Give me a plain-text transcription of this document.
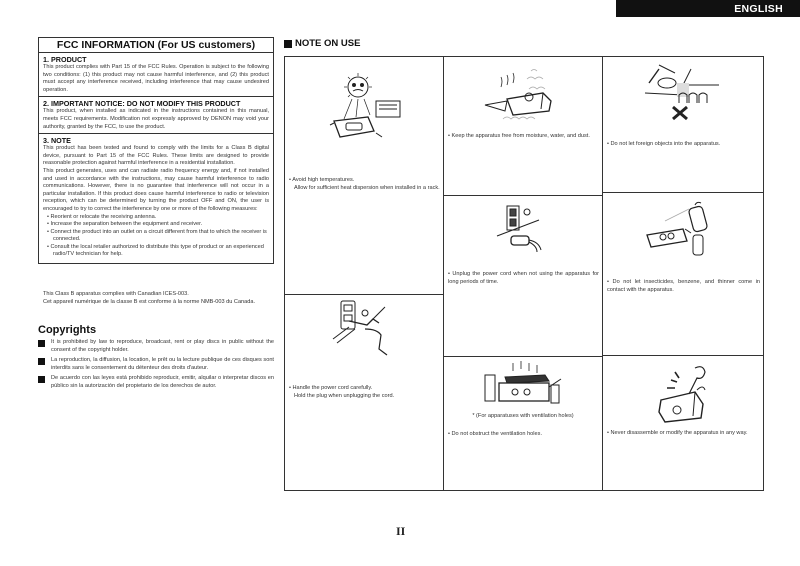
ENGLISH
FCC INFORMATION (For US customers)
1. PRODUCT

This product complies with Part 15 of the FCC Rules. Operation is subject to the following two conditions: (1) this product may not cause harmful interference, and (2) this product must accept any interference received, including interference that may cause undesired operation.

2. IMPORTANT NOTICE: DO NOT MODIFY THIS PRODUCT

This product, when installed as indicated in the instructions contained in this manual, meets FCC requirements. Modification not expressly approved by DENON may void your authority, granted by the FCC, to use the product.

3. NOTE

This product has been tested and found to comply with the limits for a Class B digital device, pursuant to Part 15 of the FCC Rules. These limits are designed to provide reasonable protection against harmful interference in a residential installation.

This product generates, uses and can radiate radio frequency energy and, if not installed and used in accordance with the instructions, may cause harmful interference to radio communications. However, there is no guarantee that interference will not occur in a particular installation. If this product does cause harmful interference to radio or television reception, which can be determined by turning the product OFF and ON, the user is encouraged to try to correct the interference by one or more of the following measures:

• Reorient or relocate the receiving antenna.
• Increase the separation between the equipment and receiver.
• Connect the product into an outlet on a circuit different from that to which the receiver is connected.
• Consult the local retailer authorized to distribute this type of product or an experienced radio/TV technician for help.
This Class B apparatus complies with Canadian ICES-003.
Cet appareil numérique de la classe B est conforme à la norme NMB-003 du Canada.
Copyrights
It is prohibited by law to reproduce, broadcast, rent or play discs in public without the consent of the copyright holder.
La reproduction, la diffusion, la location, le prêt ou la lecture publique de ces disques sont interdits sans le consentement du détenteur des droits d'auteur.
De acuerdo con las leyes está prohibido reproducir, emitir, alquilar o interpretar discos en público sin la autorización del propietario de los derechos de autor.
NOTE ON USE
• Avoid high temperatures.
Allow for sufficient heat dispersion when installed in a rack.
• Handle the power cord carefully.
Hold the plug when unplugging the cord.
• Keep the apparatus free from moisture, water, and dust.
• Unplug the power cord when not using the apparatus for long periods of time.
* (For apparatuses with ventilation holes)
• Do not obstruct the ventilation holes.
• Do not let foreign objects into the apparatus.
• Do not let insecticides, benzene, and thinner come in contact with the apparatus.
• Never disassemble or modify the apparatus in any way.
II
